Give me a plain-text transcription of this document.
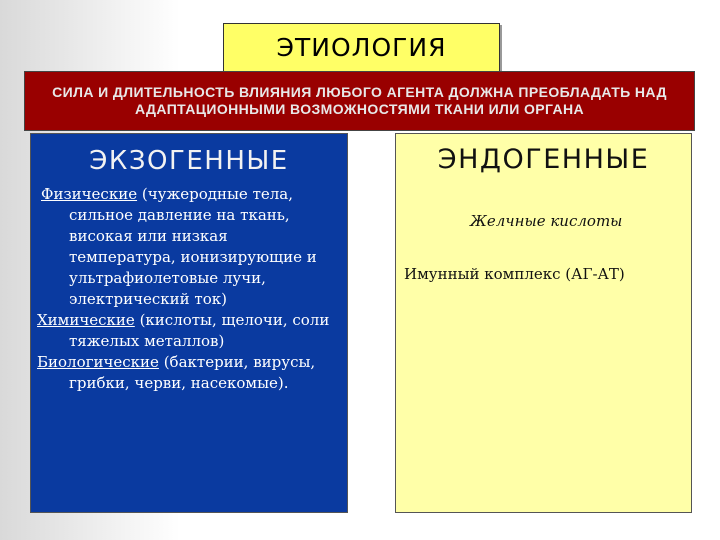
ЭТИОЛОГИЯ
СИЛА И ДЛИТЕЛЬНОСТЬ ВЛИЯНИЯ ЛЮБОГО АГЕНТА ДОЛЖНА ПРЕОБЛАДАТЬ НАД АДАПТАЦИОННЫМИ ВОЗМОЖНОСТЯМИ ТКАНИ ИЛИ ОРГАНА
ЭКЗОГЕННЫЕ

Физические (чужеродные тела, сильное давление на ткань, висoкая или низкая температура, ионизирующие и ультрафиолетовые лучи, электрический ток)

Химические (кислоты, щелочи, соли тяжелых металлов)

Биологические (бактерии, вирусы, грибки, черви, насекомые).

ЭНДОГЕННЫЕ
Желчные кислоты
Имунный комплекс (АГ-АТ)
